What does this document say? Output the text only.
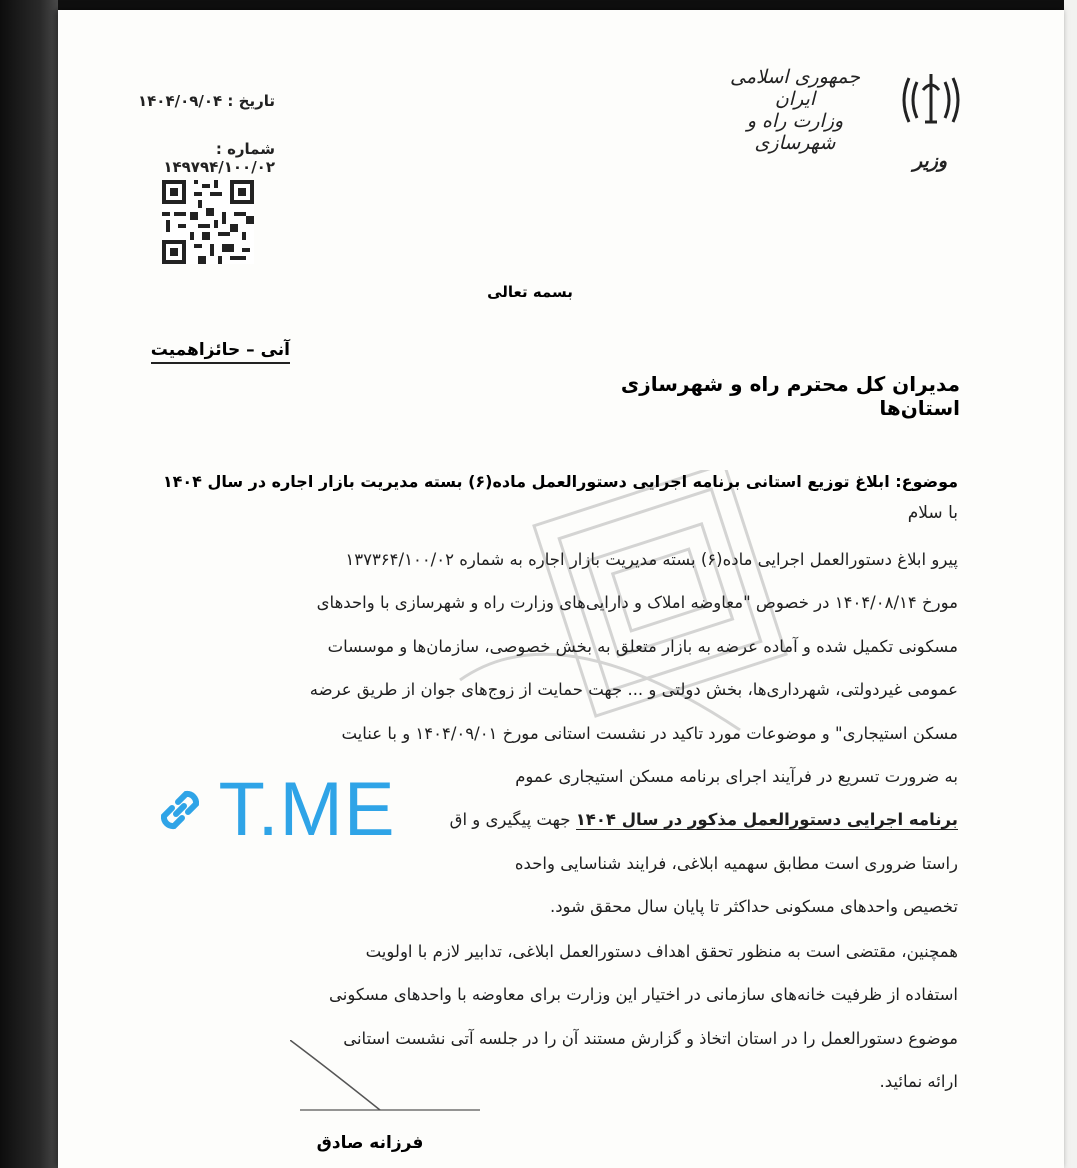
جمهوری اسلامی ایران
وزارت راه و شهرسازی
وزیر
تاریخ : ۱۴۰۴/۰۹/۰۴
شماره : ۱۴۹۷۹۴/۱۰۰/۰۲
بسمه تعالی
آنی – حائزاهمیت
مدیران کل محترم راه و شهرسازی استان‌ها
موضوع: ابلاغ توزیع استانی برنامه اجرایی دستورالعمل ماده(۶) بسته مدیریت بازار اجاره در سال ۱۴۰۴
با سلام

پیرو ابلاغ دستورالعمل اجرایی ماده(۶) بسته مدیریت بازار اجاره به شماره ۱۳۷۳۶۴/۱۰۰/۰۲

مورخ ۱۴۰۴/۰۸/۱۴ در خصوص "معاوضه املاک و دارایی‌های وزارت راه و شهرسازی با واحدهای

مسکونی تکمیل شده و آماده عرضه به بازار متعلق به بخش خصوصی، سازمان‌ها و موسسات

عمومی غیردولتی، شهرداری‌ها، بخش دولتی و ... جهت حمایت از زوج‌های جوان از طریق عرضه

مسکن استیجاری" و موضوعات مورد تاکید در نشست استانی مورخ ۱۴۰۴/۰۹/۰۱ و با عنایت

به ضرورت تسریع در فرآیند اجرای برنامه مسکن استیجاری عموم

برنامه اجرایی دستورالعمل مذکور در سال ۱۴۰۴ جهت پیگیری و اق

راستا ضروری است مطابق سهمیه ابلاغی، فرایند شناسایی واحده

تخصیص واحدهای مسکونی حداکثر تا پایان سال محقق شود.

همچنین، مقتضی است به منظور تحقق اهداف دستورالعمل ابلاغی، تدابیر لازم با اولویت

استفاده از ظرفیت خانه‌های سازمانی در اختیار این وزارت برای معاوضه با واحدهای مسکونی

موضوع دستورالعمل را در استان اتخاذ و گزارش مستند آن را در جلسه آتی نشست استانی

ارائه نمائید.

فرزانه صادق
T.ME
